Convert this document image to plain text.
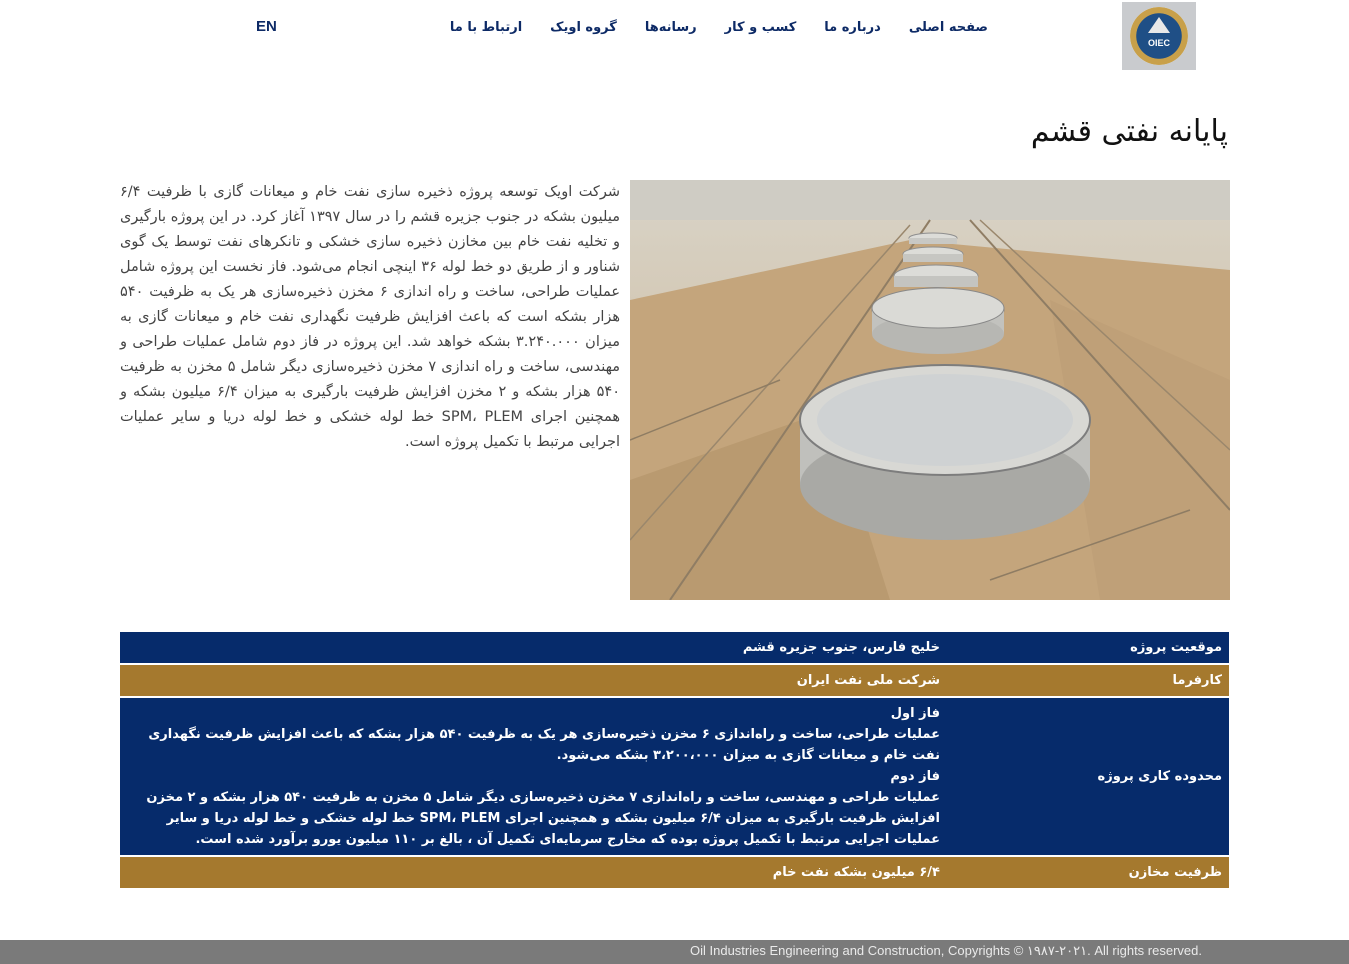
OIEC
صفحه اصلی
درباره ما
کسب و کار
رسانه‌ها
گروه اویک
ارتباط با ما
EN
پایانه نفتی قشم

شرکت اویک توسعه پروژه ذخیره سازی نفت خام و میعانات گازی با ظرفیت ۶/۴ میلیون بشکه در جنوب جزیره قشم را در سال ۱۳۹۷ آغاز کرد. در این پروژه بارگیری و تخلیه نفت خام بین مخازن ذخیره سازی خشکی و تانکرهای نفت توسط یک گوی شناور و از طریق دو خط لوله ۳۶ اینچی انجام می‌شود. فاز نخست این پروژه شامل عملیات طراحی، ساخت و راه اندازی ۶ مخزن ذخیره‌سازی هر یک به ظرفیت ۵۴۰ هزار بشکه است که باعث افزایش ظرفیت نگهداری نفت خام و میعانات گازی به میزان ۳.۲۴۰.۰۰۰ بشکه خواهد شد. این پروژه در فاز دوم شامل عملیات طراحی و مهندسی، ساخت و راه اندازی ۷ مخزن ذخیره‌سازی دیگر شامل ۵ مخزن به ظرفیت ۵۴۰ هزار بشکه و ۲ مخزن افزایش ظرفیت بارگیری به میزان ۶/۴ میلیون بشکه و همچنین اجرای SPM، PLEM خط لوله خشکی و خط لوله دریا و سایر عملیات اجرایی مرتبط با تکمیل پروژه است.

موقعیت پروژه	خلیج فارس، جنوب جزیره قشم
کارفرما	شرکت ملی نفت ایران
محدوده کاری پروژه	فاز اول
عملیات طراحی، ساخت و راه‌اندازی ۶ مخزن ذخیره‌سازی هر یک به ظرفیت ۵۴۰ هزار بشکه که باعث افزایش ظرفیت نگهداری نفت خام و میعانات گازی به میزان ۳،۲۰۰،۰۰۰ بشکه می‌شود.
فاز دوم
عملیات طراحی و مهندسی، ساخت و راه‌اندازی ۷ مخزن ذخیره‌سازی دیگر شامل ۵ مخزن به ظرفیت ۵۴۰ هزار بشکه و ۲ مخزن افزایش ظرفیت بارگیری به میزان ۶/۴ میلیون بشکه و همچنین اجرای SPM، PLEM خط لوله خشکی و خط لوله دریا و سایر عملیات اجرایی مرتبط با تکمیل پروژه بوده که مخارج سرمایه‌ای تکمیل آن ، بالغ بر ۱۱۰ میلیون یورو برآورد شده است.

ظرفیت مخازن	۶/۴ میلیون بشکه نفت خام
Oil Industries Engineering and Construction, Copyrights © ۱۹۸۷-۲۰۲۱. All rights reserved.
